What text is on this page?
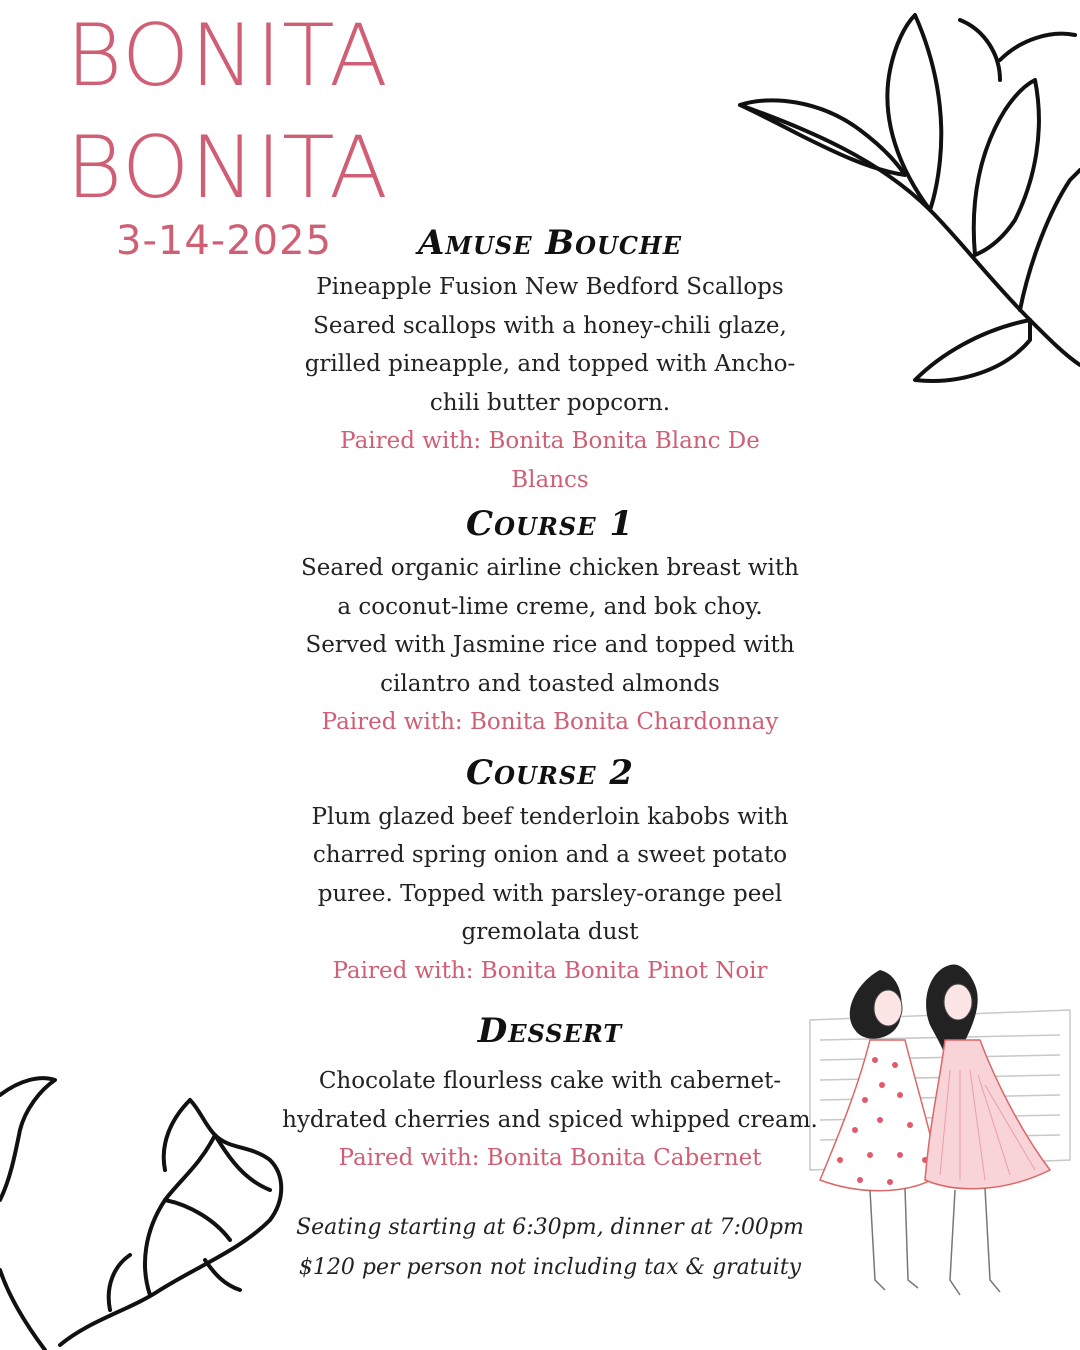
BONITA
BONITA
3-14-2025	Amuse Bouche

Pineapple Fusion New Bedford Scallops

Seared scallops with a honey-chili glaze,

grilled pineapple, and topped with Ancho-

chili butter popcorn.

Paired with: Bonita Bonita Blanc De

Blancs

Course 1

Seared organic airline chicken breast with

a coconut-lime creme, and bok choy.

Served with Jasmine rice and topped with

cilantro and toasted almonds

Paired with: Bonita Bonita Chardonnay

Course 2

Plum glazed beef tenderloin kabobs with

charred spring onion and a sweet potato

puree. Topped with parsley-orange peel

gremolata dust

Paired with: Bonita Bonita Pinot Noir

Dessert

Chocolate flourless cake with cabernet-

hydrated cherries and spiced whipped cream.

Paired with: Bonita Bonita Cabernet

Seating starting at 6:30pm, dinner at 7:00pm
$120 per person not including tax & gratuity
